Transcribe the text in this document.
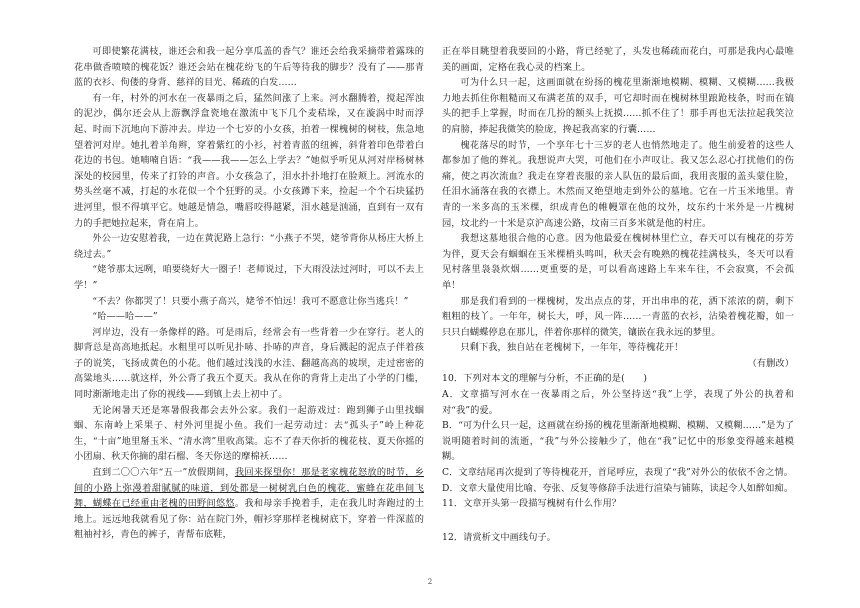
可即使繁花满枝，谁还会和我一起分享瓜盖的香气？谁还会给我采摘带着露珠的花串做香喷喷的槐花饭？谁还会站在槐花纷飞的午后等待我的脚步？没有了——那青蓝的衣衫、佝偻的身背、慈祥的目光、稀疏的白发……

有一年，村外的河水在一夜暴雨之后，猛然间涨了上来。河水翻腾着，搅起浑浊的泥沙，偶尔还会从上游飘浮盒瓷地在激流中飞下几个麦秸垛，又在漩涡中时而浮起、时而下沉地向下游冲去。岸边一个七岁的小女孩，拍着一棵槐树的树枝，焦急地望着河对岸。她扎着羊角辫，穿着紫红的小衫，衬着青蓝的纽裤，斜背着印色带着白花边的书包。她喃喃自语：“我——我——怎么上学去？”她似乎听见从河对岸杨树林深处的校园里，传来了打铃的声音。小女孩急了，泪水扑扑地打在脸颊上。河流水的势头丝毫不减，打起的水花似一个个狂野的灵。小女孩蹲下来，捡起一个个石块猛扔进河里，恨不得填平它。她越是情急，嘴唇咬得越紧，泪水越是汹涌，直到有一双有力的手把她拉起来，背在肩上。

外公一边安慰着我，一边在黄泥路上急行：“小燕子不哭，姥爷背你从杨庄大桥上绕过去。”

“姥爷那太远咧，咱要绕好大一圈子！老师说过，下大雨没法过河时，可以不去上学！”

“不去？你都哭了！只要小燕子高兴，姥爷不怕远！我可不愿意让你当逃兵！”

“哈——哈——”

河岸边，没有一条像样的路。可是雨后，经常会有一些背着一少在穿行。老人的脚背总是高高地抵起。水粗里可以听见扑哧、扑哧的声音，身后溅起的泥点子伴着孩子的说笑，飞扬成黄色的小花。他们越过浅浅的水洼、翻越高高的坡坝，走过密密的高粱地头……就这样，外公背了我五个夏天。我从在你的背背上走出了小学的门槛，同时渐渐地走出了你的视线——到镇上去上初中了。

无论闲暑天还是寒暑假我都会去外公家。我们一起游戏过：跑到狮子山里找蝈蝈、东南岭上采果子、村外河里捉小鱼。我们一起劳动过：去“孤头子”岭上种花生，“十亩”地里掰玉米、“清水湾”里收高粱。忘不了春天你折的槐花枝、夏天你摇的小团扇、秋天你摘的甜石榴、冬天你送的摩棉袄……

直到二〇〇六年“五一”放假期间，我回来探望你！那是老家槐花怒放的时节，乡间的小路上弥漫着甜腻腻的味道，到处都是一树树乳白色的槐花，蜜蜂在花串间飞舞，蝴蝶在已经重由老槐的田野间悠悠。我和母亲手挽着手，走在我儿时奔跑过的土地上。远远地我就看见了你：站在院门外，帽衫穿那样老槐树底下，穿着一件深蓝的粗袖衬衫，青色的裤子，青帮布底鞋，

正在举目眺望着我要回的小路，背已经驼了，头发也稀疏而花白，可那是我内心最唯美的画面，定格在我心灵的档案上。

可为什么只一起，这画面就在纷扬的槐花里渐渐地模糊、模糊、又模糊……我极力地去抓住你粗糙而又布满老茧的双手，可它却时而在槐树林里踉跄枝条，时而在镐头的把手上掌握，时而在几扮的额头上抚摸……抓不住了！那手再也无法拉起我笑泣的肩膀，捧起我微笑的脸庞，搀起我高家的行囊……

槐花落尽的时节，一个享年七十三岁的老人也悄然地走了。他生前爱着的这些人都参加了他的葬礼。我想说声大哭，可他们在小声叹让。我又怎么忍心打扰他们的伤痛，使之再次流血？我走在穿着丧服的亲人队伍的最后面，我用丧服的盖头蒙住脸，任泪水涌落在我的衣襟上。木然而又绝望地走到外公的墓地。它在一片玉米地里。青青的一米多高的玉米棵，织成青色的帷幔罩在他的坟外，坟东约十米外是一片槐树园，坟北约一十米是京沪高速公路，坟南三百多米就是他的村庄。

我想这墓地很合他的心意。因为他最爱在槐树林里伫立，春天可以有槐花的芬芳为伴，夏天会有蝈蝈在玉米棵梢头鸣叫，秋天会有晚熟的槐花挂满枝头，冬天可以看见村落里袅袅炊烟……更重要的是，可以看高速路上车来车往，不会寂寞，不会孤单！

那是我们看到的一棵槐树，发出点点的芽，开出串串的花，洒下浓浓的荫，剩下粗粗的枝丫。一年年，树长大，呼，风一阵……一青蓝的衣衫，沾染着槐花瓣，如一只只白蝴蝶停息在那儿，伴着你那样的微笑，镶嵌在我永远的梦里。

只剩下我，独自站在老槐树下，一年年，等待槐花开！

（有删改）

10．下列对本文的理解与分析，不正确的是(　　)

A．文章描写河水在一夜暴雨之后，外公坚持送“我”上学，表现了外公的执着和对“我”的爱。

B．“可为什么只一起，这画就在纷扬的槐花里渐渐地模糊、模糊、又模糊……”是为了说明随着时间的流逝，“我”与外公接触少了，他在“我”记忆中的形象变得越来越模糊。

C．文章结尾再次提到了等待槐花开，首尾呼应，表现了“我”对外公的依依不舍之情。

D．文章大量使用比喻、夸张、反复等修辞手法进行渲染与铺陈，读起令人如醉如痴。

11．文章开头第一段描写槐树有什么作用？

12．请赏析文中画线句子。

2
